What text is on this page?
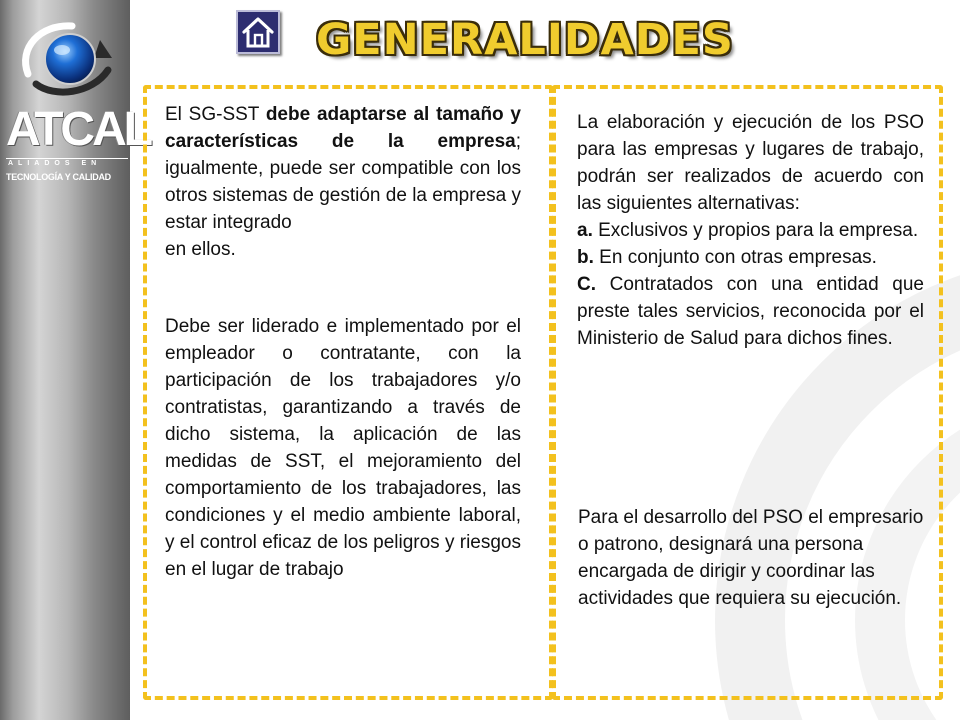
ATCAL
ALIADOS EN
TECNOLOGÍA Y CALIDAD
GENERALIDADES

El SG-SST debe adaptarse al tamaño y características de la empresa; igualmente, puede ser compatible con los otros sistemas de gestión de la empresa y estar integrado

en ellos.

Debe ser liderado e implementado por el empleador o contratante, con la participación de los trabajadores y/o contratistas, garantizando a través de dicho sistema, la aplicación de las medidas de SST, el mejoramiento del comportamiento de los trabajadores, las condiciones y el medio ambiente laboral, y el control eficaz de los peligros y riesgos en el lugar de trabajo

La elaboración y ejecución de los PSO para las empresas y lugares de trabajo, podrán ser realizados de acuerdo con las siguientes alternativas:

a. Exclusivos y propios para la empresa.

b. En conjunto con otras empresas.

C. Contratados con una entidad que preste tales servicios, reconocida por el Ministerio de Salud para dichos fines.

Para el desarrollo del PSO el empresario o patrono, designará una persona encargada de dirigir y coordinar las actividades que requiera su ejecución.
